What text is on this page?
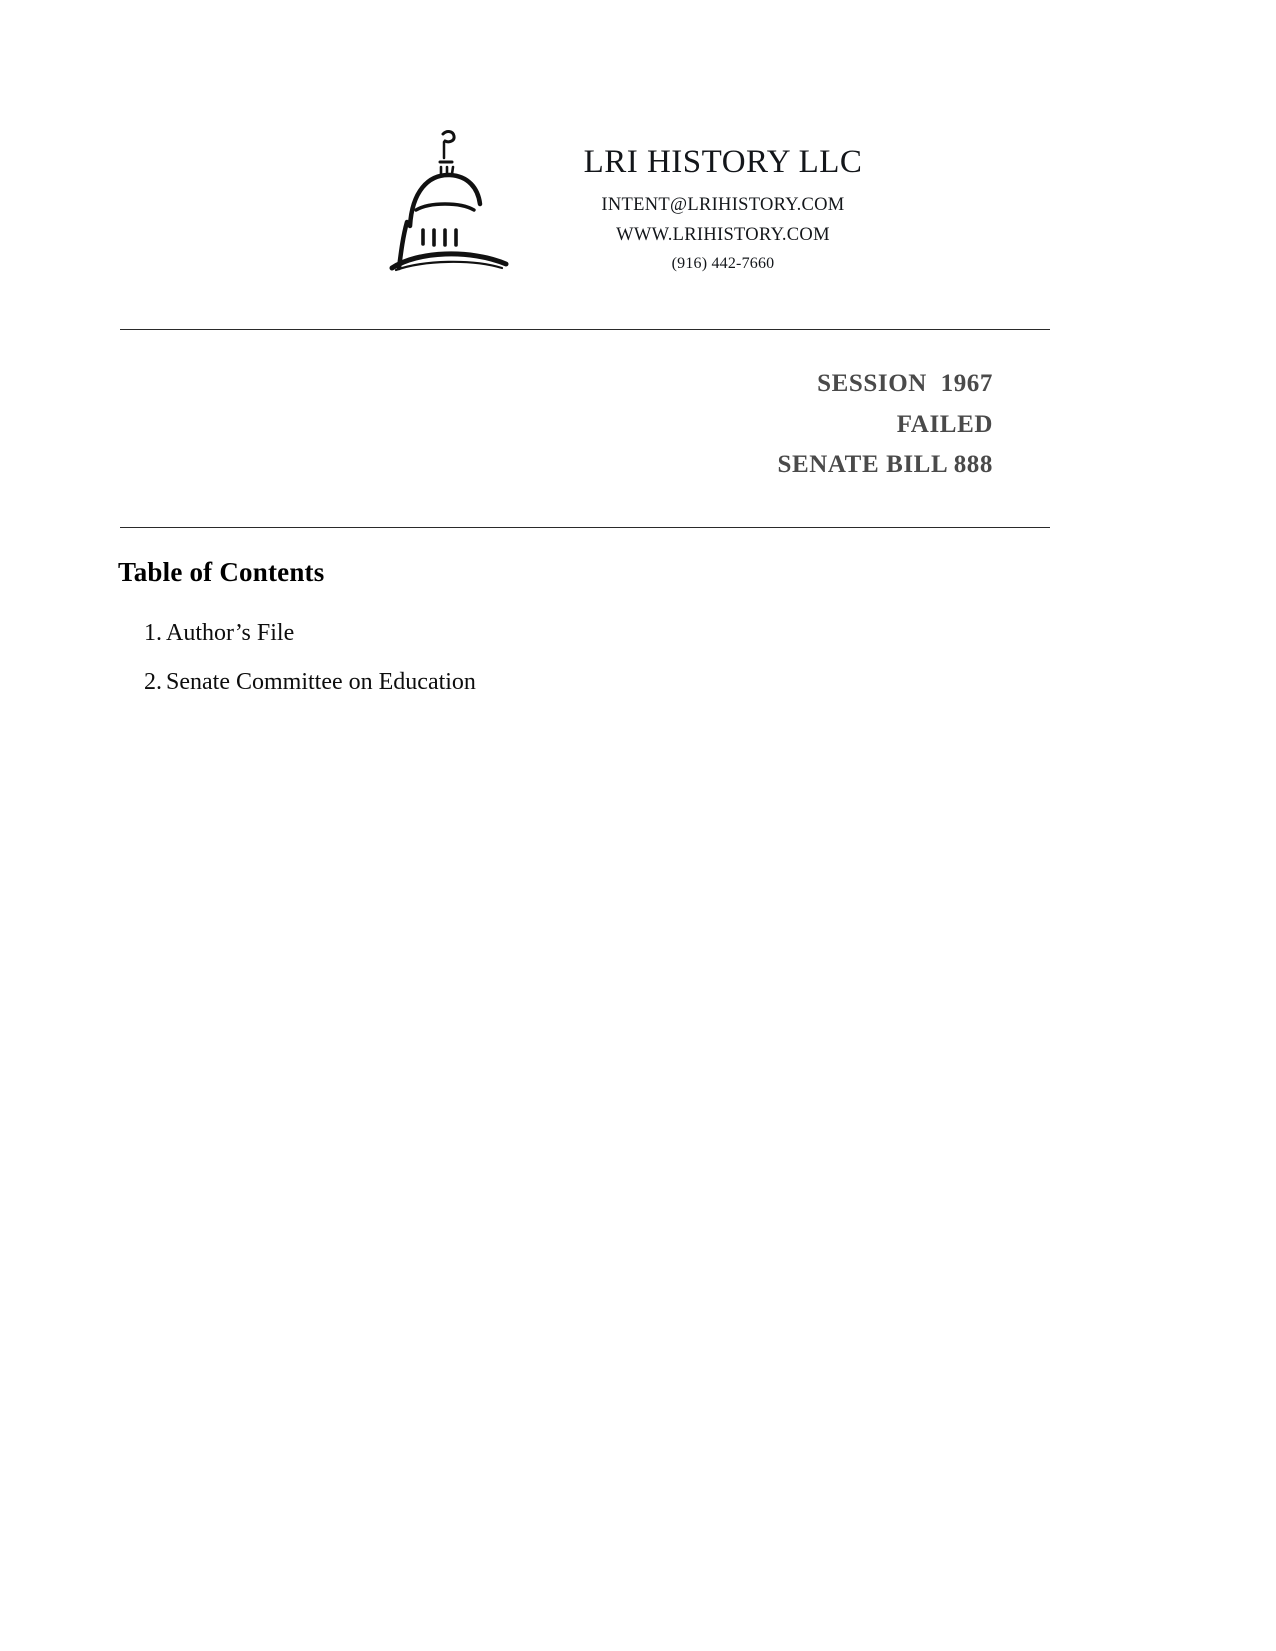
LRI HISTORY LLC
INTENT@LRIHISTORY.COM
WWW.LRIHISTORY.COM
(916) 442-7660
SESSION  1967
FAILED
SENATE BILL 888
Table of Contents
1. Author’s File
2. Senate Committee on Education
